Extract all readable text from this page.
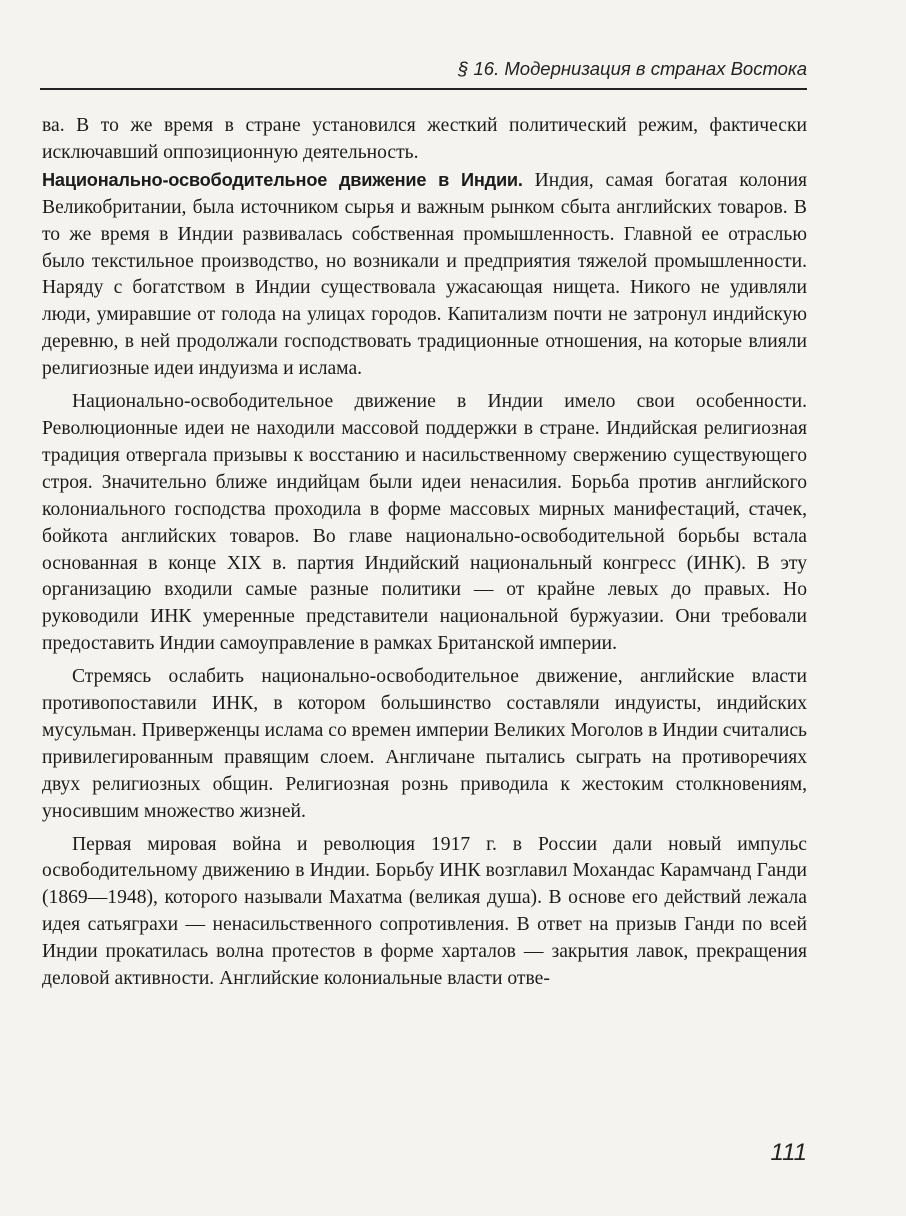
§ 16. Модернизация в странах Востока

ва. В то же время в стране установился жесткий политический режим, фактически исключавший оппозиционную деятельность.

Национально-освободительное движение в Индии. Индия, самая богатая колония Великобритании, была источником сырья и важным рынком сбыта английских товаров. В то же время в Индии развивалась собственная промышленность. Главной ее отраслью было текстильное производство, но возникали и предприятия тяжелой промышленности. Наряду с богатством в Индии существовала ужасающая нищета. Никого не удивляли люди, умиравшие от голода на улицах городов. Капитализм почти не затронул индийскую деревню, в ней продолжали господствовать традиционные отношения, на которые влияли религиозные идеи индуизма и ислама.

Национально-освободительное движение в Индии имело свои особенности. Революционные идеи не находили массовой поддержки в стране. Индийская религиозная традиция отвергала призывы к восстанию и насильственному свержению существующего строя. Значительно ближе индийцам были идеи ненасилия. Борьба против английского колониального господства проходила в форме массовых мирных манифестаций, стачек, бойкота английских товаров. Во главе национально-освободительной борьбы встала основанная в конце XIX в. партия Индийский национальный конгресс (ИНК). В эту организацию входили самые разные политики — от крайне левых до правых. Но руководили ИНК умеренные представители национальной буржуазии. Они требовали предоставить Индии самоуправление в рамках Британской империи.

Стремясь ослабить национально-освободительное движение, английские власти противопоставили ИНК, в котором большинство составляли индуисты, индийских мусульман. Приверженцы ислама со времен империи Великих Моголов в Индии считались привилегированным правящим слоем. Англичане пытались сыграть на противоречиях двух религиозных общин. Религиозная рознь приводила к жестоким столкновениям, уносившим множество жизней.

Первая мировая война и революция 1917 г. в России дали новый импульс освободительному движению в Индии. Борьбу ИНК возглавил Мохандас Карамчанд Ганди (1869—1948), которого называли Махатма (великая душа). В основе его действий лежала идея сатьяграхи — ненасильственного сопротивления. В ответ на призыв Ганди по всей Индии прокатилась волна протестов в форме харталов — закрытия лавок, прекращения деловой активности. Английские колониальные власти отве-

111
